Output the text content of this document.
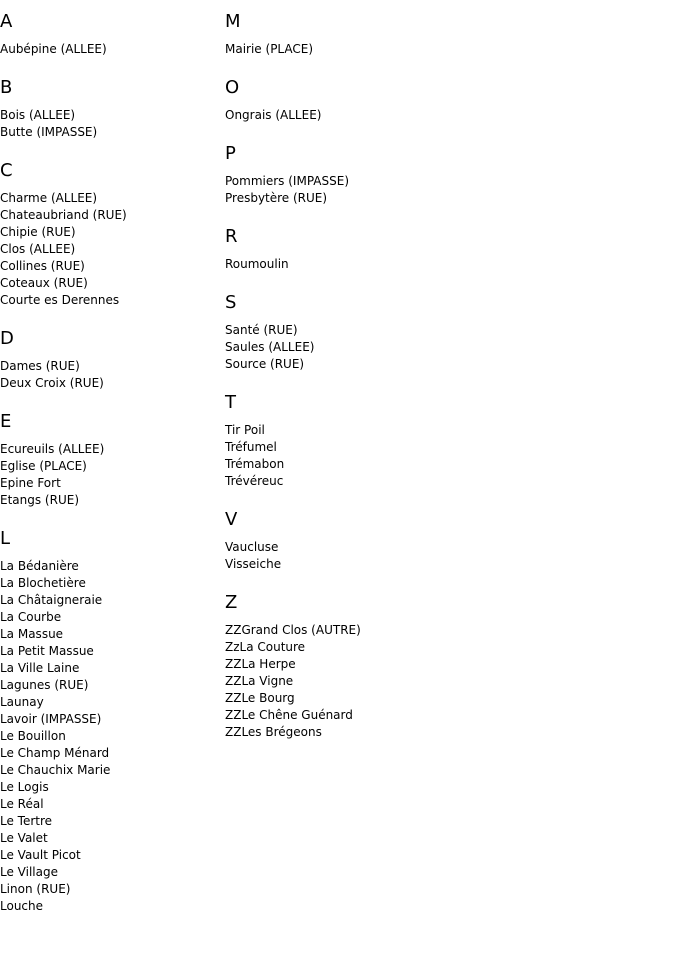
A
Aubépine (ALLEE)
B
Bois (ALLEE)
Butte (IMPASSE)
C
Charme (ALLEE)
Chateaubriand (RUE)
Chipie (RUE)
Clos (ALLEE)
Collines (RUE)
Coteaux (RUE)
Courte es Derennes
D
Dames (RUE)
Deux Croix (RUE)
E
Ecureuils (ALLEE)
Eglise (PLACE)
Epine Fort
Etangs (RUE)
L
La Bédanière
La Blochetière
La Châtaigneraie
La Courbe
La Massue
La Petit Massue
La Ville Laine
Lagunes (RUE)
Launay
Lavoir (IMPASSE)
Le Bouillon
Le Champ Ménard
Le Chauchix Marie
Le Logis
Le Réal
Le Tertre
Le Valet
Le Vault Picot
Le Village
Linon (RUE)
Louche
M
Mairie (PLACE)
O
Ongrais (ALLEE)
P
Pommiers (IMPASSE)
Presbytère (RUE)
R
Roumoulin
S
Santé (RUE)
Saules (ALLEE)
Source (RUE)
T
Tir Poil
Tréfumel
Trémabon
Trévéreuc
V
Vaucluse
Visseiche
Z
ZZGrand Clos (AUTRE)
ZzLa Couture
ZZLa Herpe
ZZLa Vigne
ZZLe Bourg
ZZLe Chêne Guénard
ZZLes Brégeons
